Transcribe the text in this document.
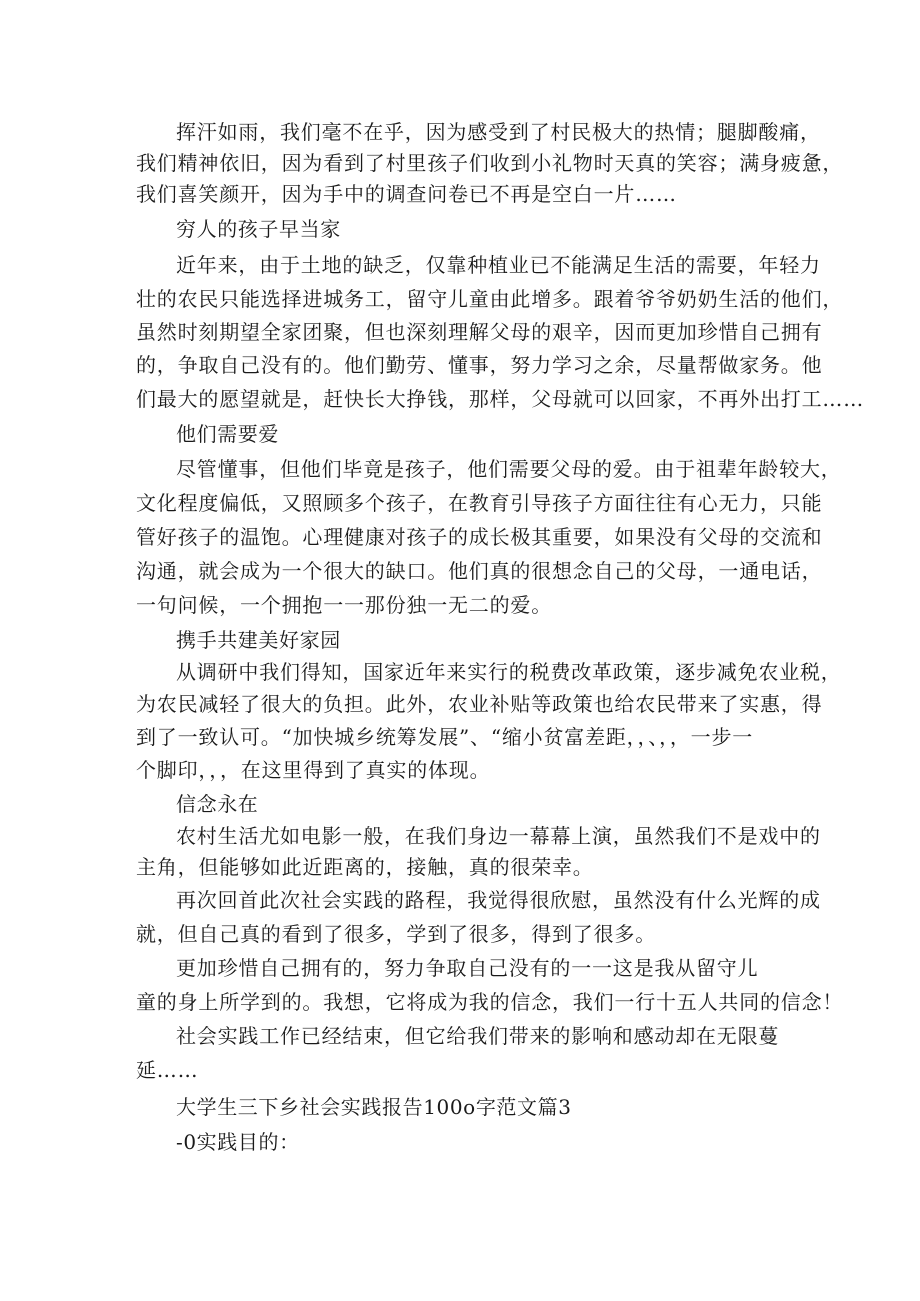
挥汗如雨，我们毫不在乎，因为感受到了村民极大的热情；腿脚酸痛，
我们精神依旧，因为看到了村里孩子们收到小礼物时天真的笑容；满身疲惫，
我们喜笑颜开，因为手中的调查问卷已不再是空白一片……
穷人的孩子早当家
近年来，由于土地的缺乏，仅靠种植业已不能满足生活的需要，年轻力
壮的农民只能选择进城务工，留守儿童由此增多。跟着爷爷奶奶生活的他们，
虽然时刻期望全家团聚，但也深刻理解父母的艰辛，因而更加珍惜自己拥有
的，争取自己没有的。他们勤劳、懂事，努力学习之余，尽量帮做家务。他
们最大的愿望就是，赶快长大挣钱，那样，父母就可以回家，不再外出打工……
他们需要爱
尽管懂事，但他们毕竟是孩子，他们需要父母的爱。由于祖辈年龄较大，
文化程度偏低，又照顾多个孩子，在教育引导孩子方面往往有心无力，只能
管好孩子的温饱。心理健康对孩子的成长极其重要，如果没有父母的交流和
沟通，就会成为一个很大的缺口。他们真的很想念自己的父母，一通电话，
一句问候，一个拥抱一一那份独一无二的爱。
携手共建美好家园
从调研中我们得知，国家近年来实行的税费改革政策，逐步减免农业税，
为农民减轻了很大的负担。此外，农业补贴等政策也给农民带来了实惠，得
到了一致认可。“加快城乡统筹发展”、“缩小贫富差距，，、，，一步一
个脚印，，，在这里得到了真实的体现。
信念永在
农村生活尤如电影一般，在我们身边一幕幕上演，虽然我们不是戏中的
主角，但能够如此近距离的，接触，真的很荣幸。
再次回首此次社会实践的路程，我觉得很欣慰，虽然没有什么光辉的成
就，但自己真的看到了很多，学到了很多，得到了很多。
更加珍惜自己拥有的，努力争取自己没有的一一这是我从留守儿
童的身上所学到的。我想，它将成为我的信念，我们一行十五人共同的信念！
社会实践工作已经结束，但它给我们带来的影响和感动却在无限蔓
延……
大学生三下乡社会实践报告100o字范文篇3
-0实践目的：
